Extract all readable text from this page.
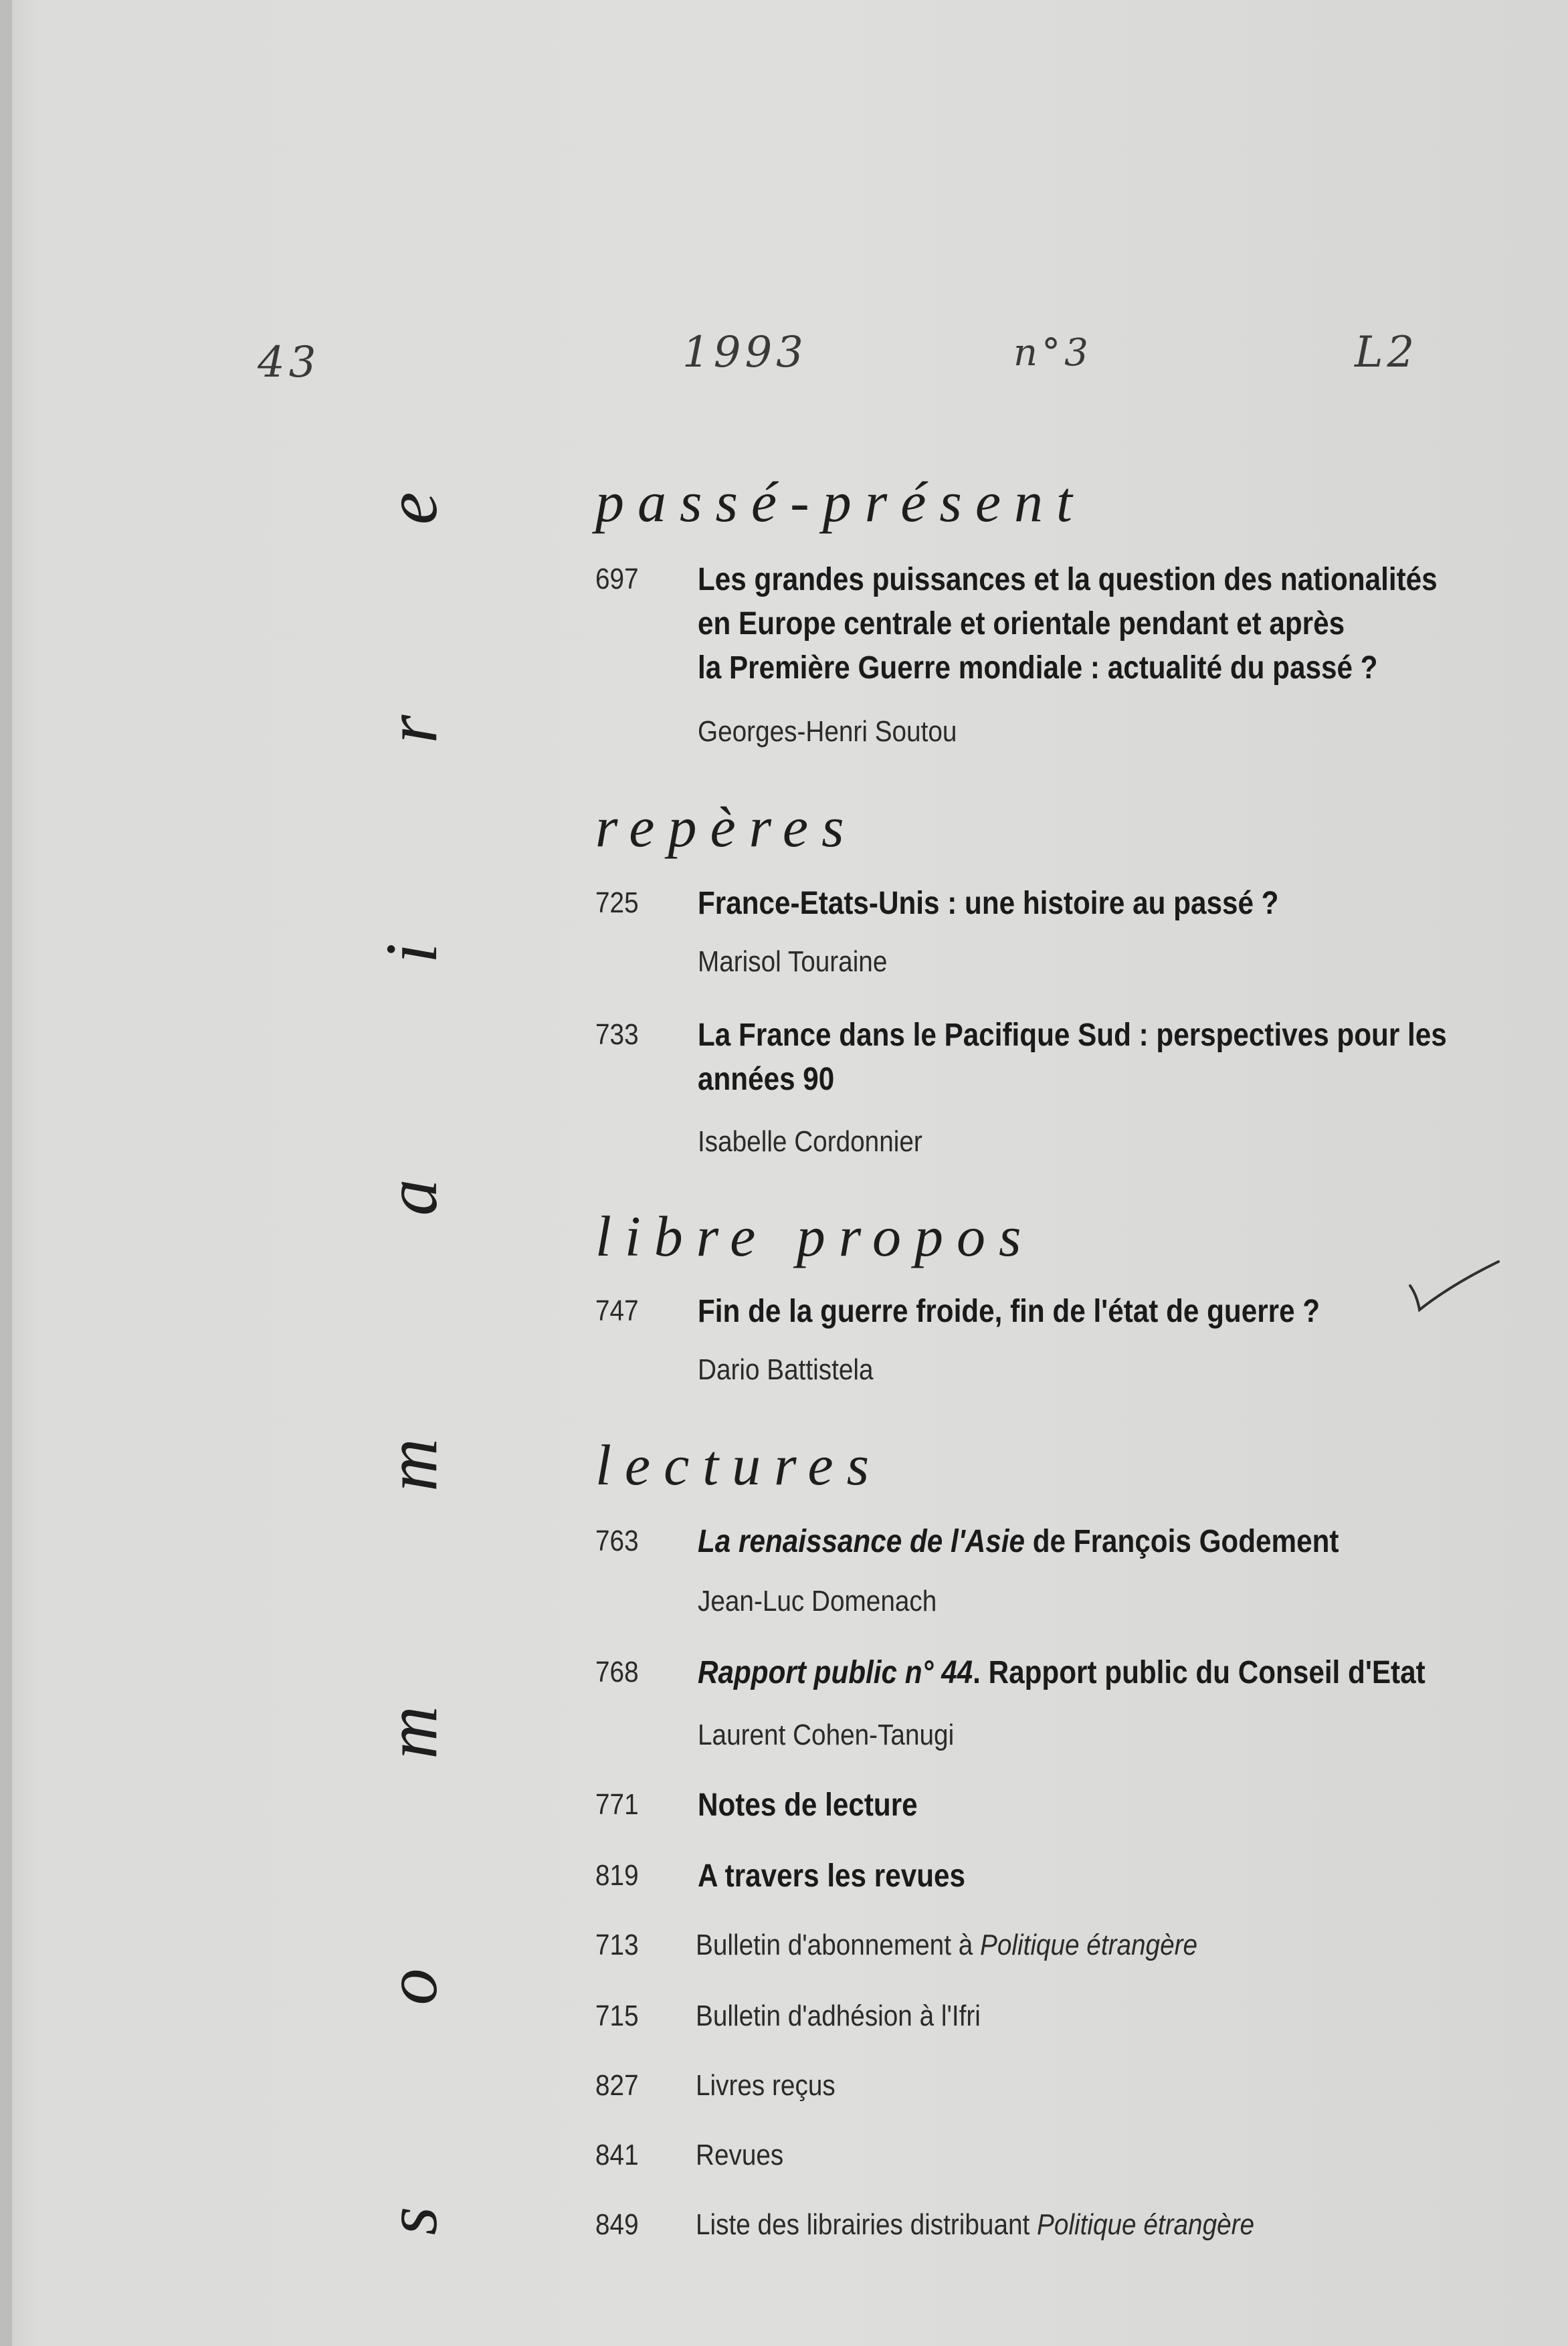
43	1993	n°3	L2
e
r
i
a
m
m
o
s
passé-présent
697	Les grandes puissances et la question des nationalités
en Europe centrale et orientale pendant et après
la Première Guerre mondiale : actualité du passé ?
Georges-Henri Soutou
repères
725	France-Etats-Unis : une histoire au passé ?
Marisol Touraine
733	La France dans le Pacifique Sud : perspectives pour les années 90
Isabelle Cordonnier
libre propos
747	Fin de la guerre froide, fin de l'état de guerre ?
Dario Battistela
lectures
763	La renaissance de l'Asie de François Godement
Jean-Luc Domenach
768	Rapport public n° 44. Rapport public du Conseil d'Etat
Laurent Cohen-Tanugi
771	Notes de lecture
819	A travers les revues
713	Bulletin d'abonnement à Politique étrangère
715	Bulletin d'adhésion à l'Ifri
827	Livres reçus
841	Revues
849	Liste des librairies distribuant Politique étrangère
